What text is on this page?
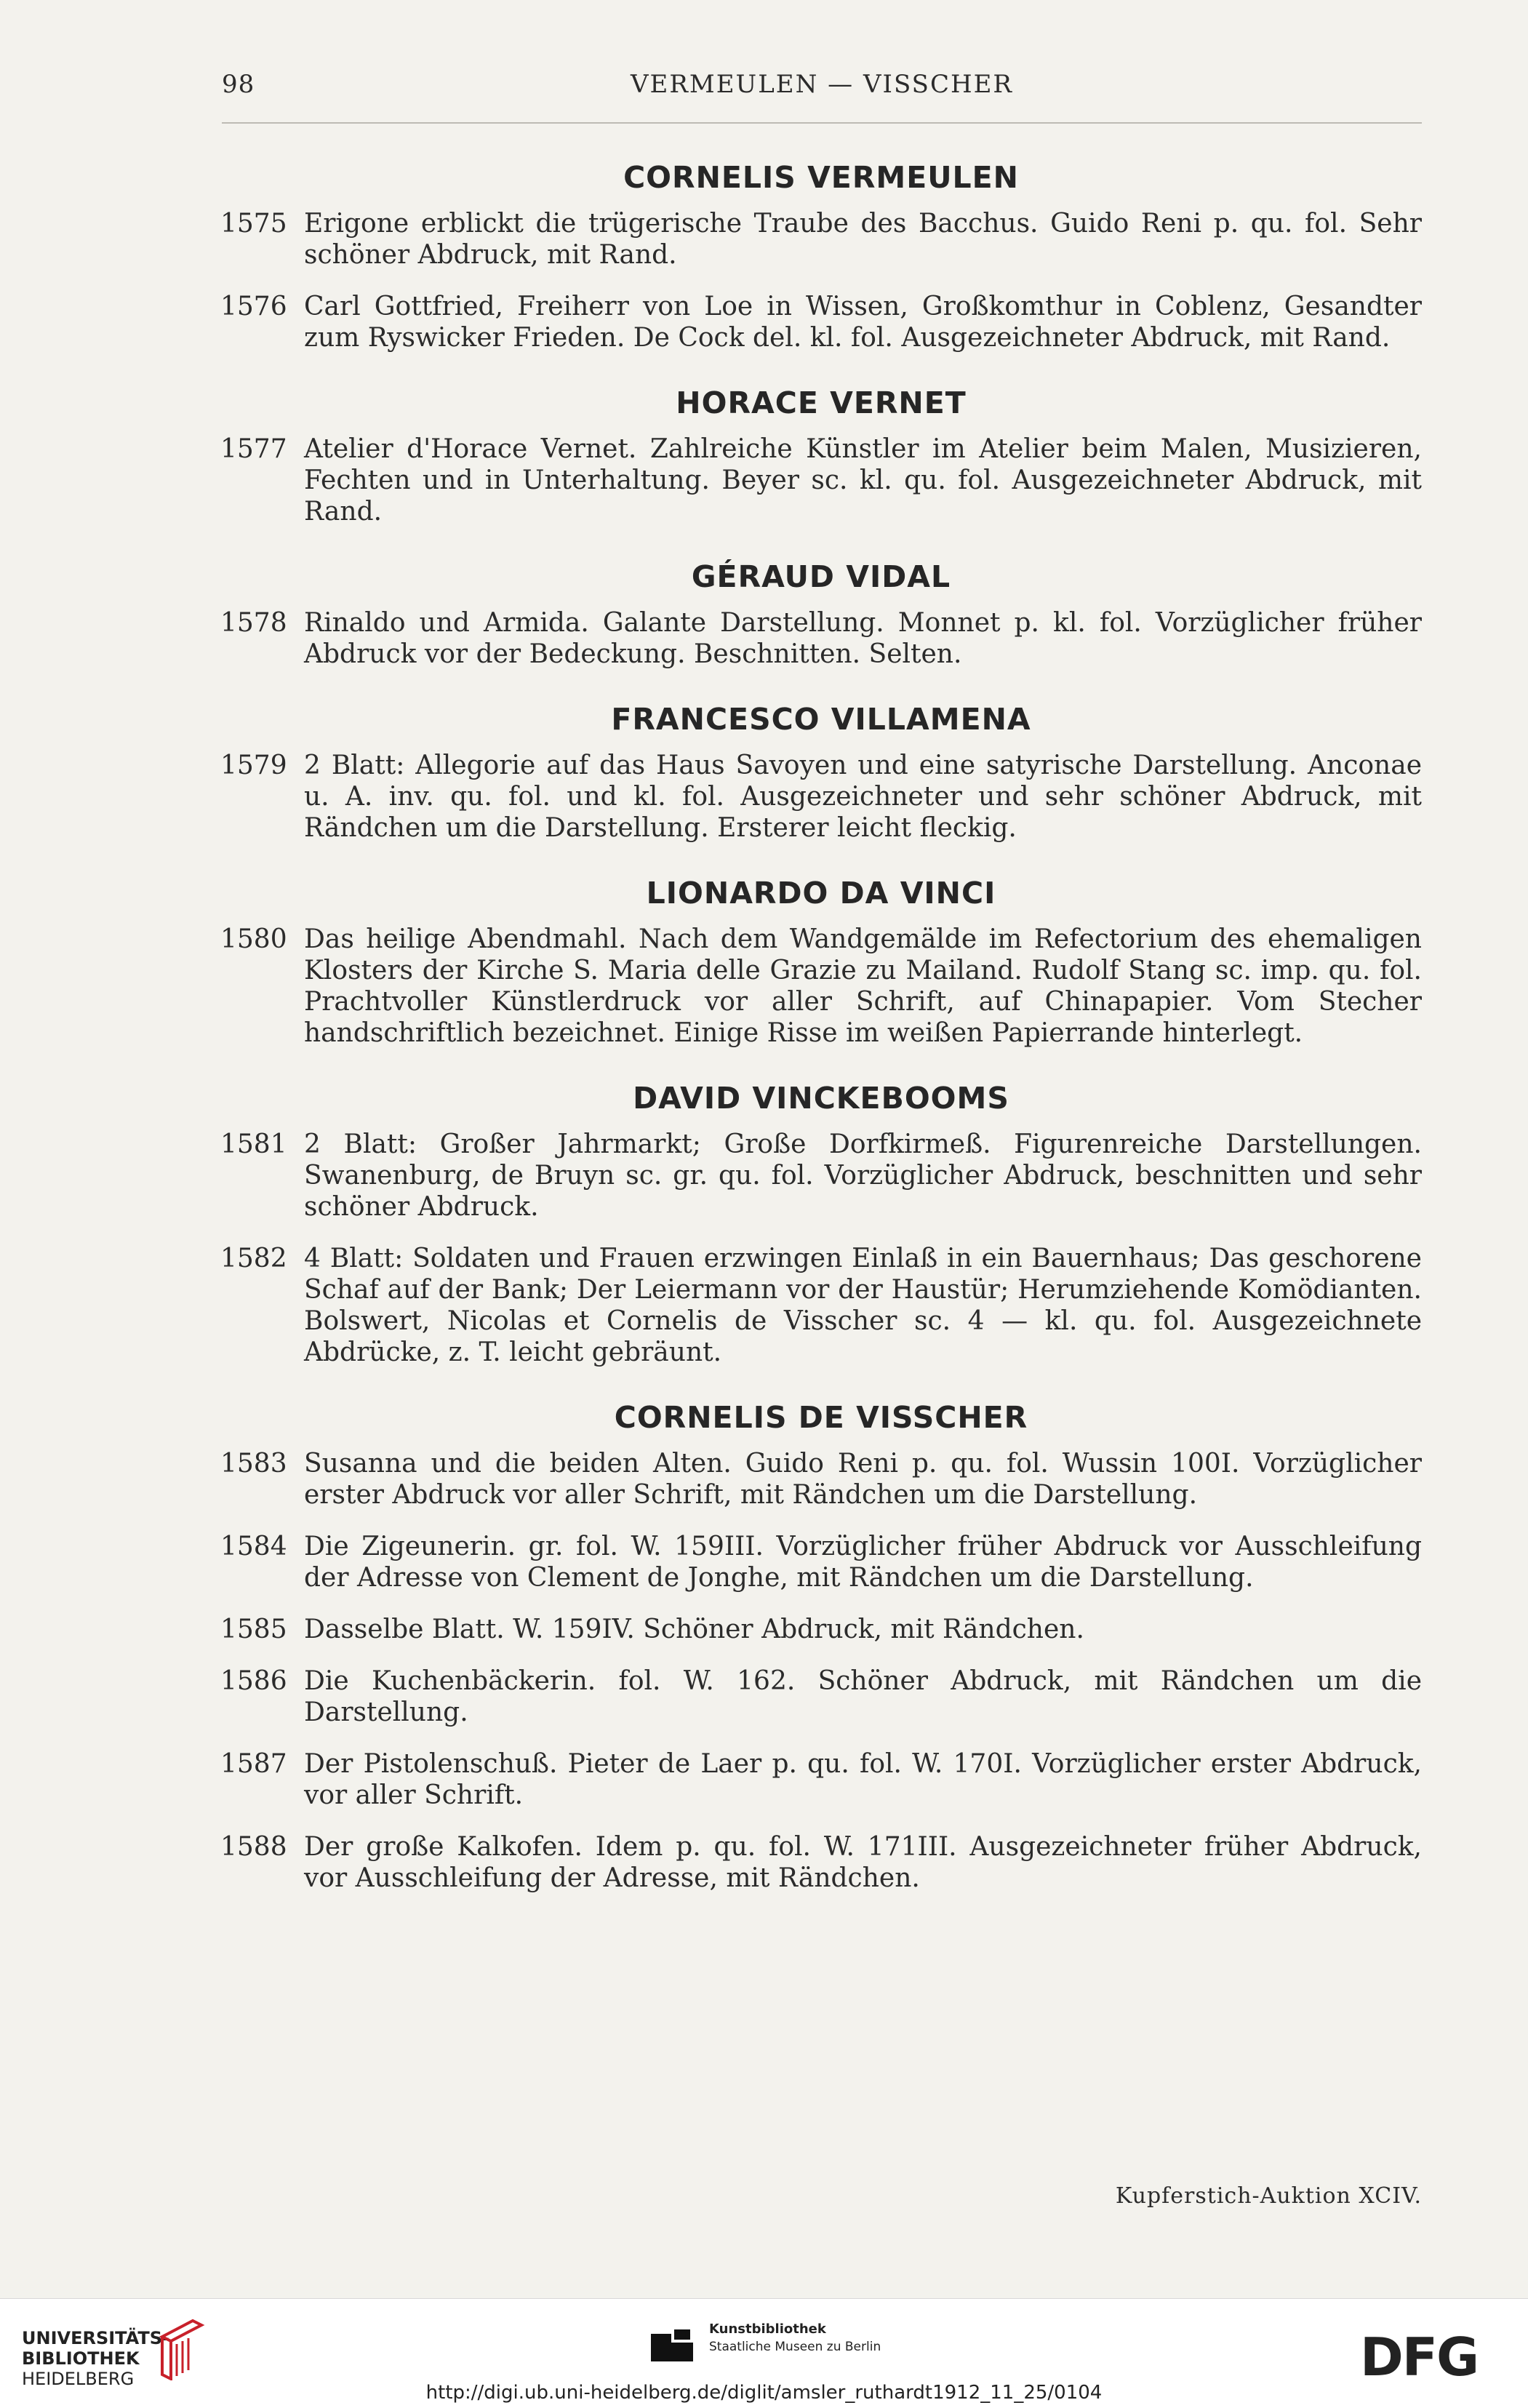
98	VERMEULEN — VISSCHER
CORNELIS VERMEULEN
1575 Erigone erblickt die trügerische Traube des Bacchus. Guido Reni p. qu. fol. Sehr schöner Abdruck, mit Rand.
1576 Carl Gottfried, Freiherr von Loe in Wissen, Großkomthur in Coblenz, Gesandter zum Ryswicker Frieden. De Cock del. kl. fol. Ausgezeichneter Abdruck, mit Rand.
HORACE VERNET
1577 Atelier d'Horace Vernet. Zahlreiche Künstler im Atelier beim Malen, Musizieren, Fechten und in Unterhaltung. Beyer sc. kl. qu. fol. Ausgezeichneter Abdruck, mit Rand.
GÉRAUD VIDAL
1578 Rinaldo und Armida. Galante Darstellung. Monnet p. kl. fol. Vorzüglicher früher Abdruck vor der Bedeckung. Beschnitten. Selten.
FRANCESCO VILLAMENA
1579 2 Blatt: Allegorie auf das Haus Savoyen und eine satyrische Darstellung. Anconae u. A. inv. qu. fol. und kl. fol. Ausgezeichneter und sehr schöner Abdruck, mit Rändchen um die Darstellung. Ersterer leicht fleckig.
LIONARDO DA VINCI
1580 Das heilige Abendmahl. Nach dem Wandgemälde im Refectorium des ehemaligen Klosters der Kirche S. Maria delle Grazie zu Mailand. Rudolf Stang sc. imp. qu. fol. Prachtvoller Künstlerdruck vor aller Schrift, auf Chinapapier. Vom Stecher handschriftlich bezeichnet. Einige Risse im weißen Papierrande hinterlegt.
DAVID VINCKEBOOMS
1581 2 Blatt: Großer Jahrmarkt; Große Dorfkirmeß. Figurenreiche Darstellungen. Swanenburg, de Bruyn sc. gr. qu. fol. Vorzüglicher Abdruck, beschnitten und sehr schöner Abdruck.
1582 4 Blatt: Soldaten und Frauen erzwingen Einlaß in ein Bauernhaus; Das geschorene Schaf auf der Bank; Der Leiermann vor der Haustür; Herumziehende Komödianten. Bolswert, Nicolas et Cornelis de Visscher sc. 4 — kl. qu. fol. Ausgezeichnete Abdrücke, z. T. leicht gebräunt.
CORNELIS DE VISSCHER
1583 Susanna und die beiden Alten. Guido Reni p. qu. fol. Wussin 100I. Vorzüglicher erster Abdruck vor aller Schrift, mit Rändchen um die Darstellung.
1584 Die Zigeunerin. gr. fol. W. 159III. Vorzüglicher früher Abdruck vor Ausschleifung der Adresse von Clement de Jonghe, mit Rändchen um die Darstellung.
1585 Dasselbe Blatt. W. 159IV. Schöner Abdruck, mit Rändchen.
1586 Die Kuchenbäckerin. fol. W. 162. Schöner Abdruck, mit Rändchen um die Darstellung.
1587 Der Pistolenschuß. Pieter de Laer p. qu. fol. W. 170I. Vorzüglicher erster Abdruck, vor aller Schrift.
1588 Der große Kalkofen. Idem p. qu. fol. W. 171III. Ausgezeichneter früher Abdruck, vor Ausschleifung der Adresse, mit Rändchen.
Kupferstich-Auktion XCIV.
UNIVERSITÄTS-
BIBLIOTHEK
HEIDELBERG
Kunstbibliothek
Staatliche Museen zu Berlin	DFG
http://digi.ub.uni-heidelberg.de/diglit/amsler_ruthardt1912_11_25/0104
